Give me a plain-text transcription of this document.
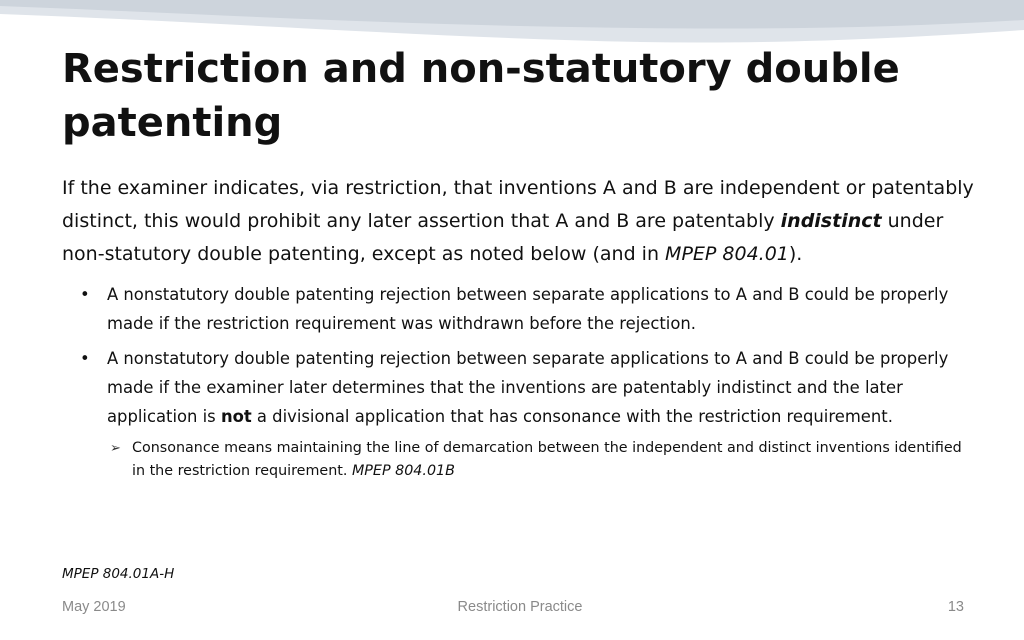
Restriction and non-statutory double patenting

If the examiner indicates, via restriction, that inventions A and B are independent or patentably distinct, this would prohibit any later assertion that A and B are patentably indistinct under non-statutory double patenting, except as noted below (and in MPEP 804.01).

• A nonstatutory double patenting rejection between separate applications to A and B could be properly made if the restriction requirement was withdrawn before the rejection.
• A nonstatutory double patenting rejection between separate applications to A and B could be properly made if the examiner later determines that the inventions are patentably indistinct and the later application is not a divisional application that has consonance with the restriction requirement.
➢ Consonance means maintaining the line of demarcation between the independent and distinct inventions identified in the restriction requirement. MPEP 804.01B
MPEP 804.01A-H
May 2019	Restriction Practice	13
